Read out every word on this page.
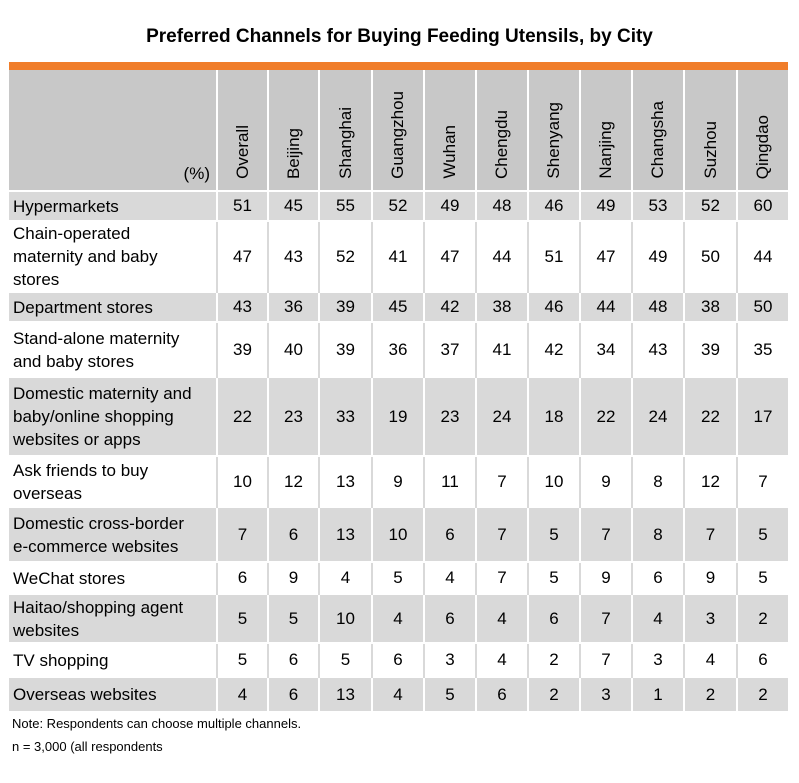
Preferred Channels for Buying Feeding Utensils, by City
(%)	Overall	Beijing	Shanghai	Guangzhou	Wuhan	Chengdu	Shenyang	Nanjing	Changsha	Suzhou	Qingdao

Hypermarkets	51	45	55	52	49	48	46	49	53	52	60

Chain-operated maternity and baby stores	47	43	52	41	47	44	51	47	49	50	44

Department stores	43	36	39	45	42	38	46	44	48	38	50

Stand-alone maternity and baby stores	39	40	39	36	37	41	42	34	43	39	35

Domestic maternity and baby/online shopping websites or apps	22	23	33	19	23	24	18	22	24	22	17

Ask friends to buy overseas	10	12	13	9	11	7	10	9	8	12	7

Domestic cross-border e-commerce websites	7	6	13	10	6	7	5	7	8	7	5

WeChat stores	6	9	4	5	4	7	5	9	6	9	5

Haitao/shopping agent websites	5	5	10	4	6	4	6	7	4	3	2

TV shopping	5	6	5	6	3	4	2	7	3	4	6

Overseas websites	4	6	13	4	5	6	2	3	1	2	2
Note: Respondents can choose multiple channels.
n = 3,000 (all respondents
